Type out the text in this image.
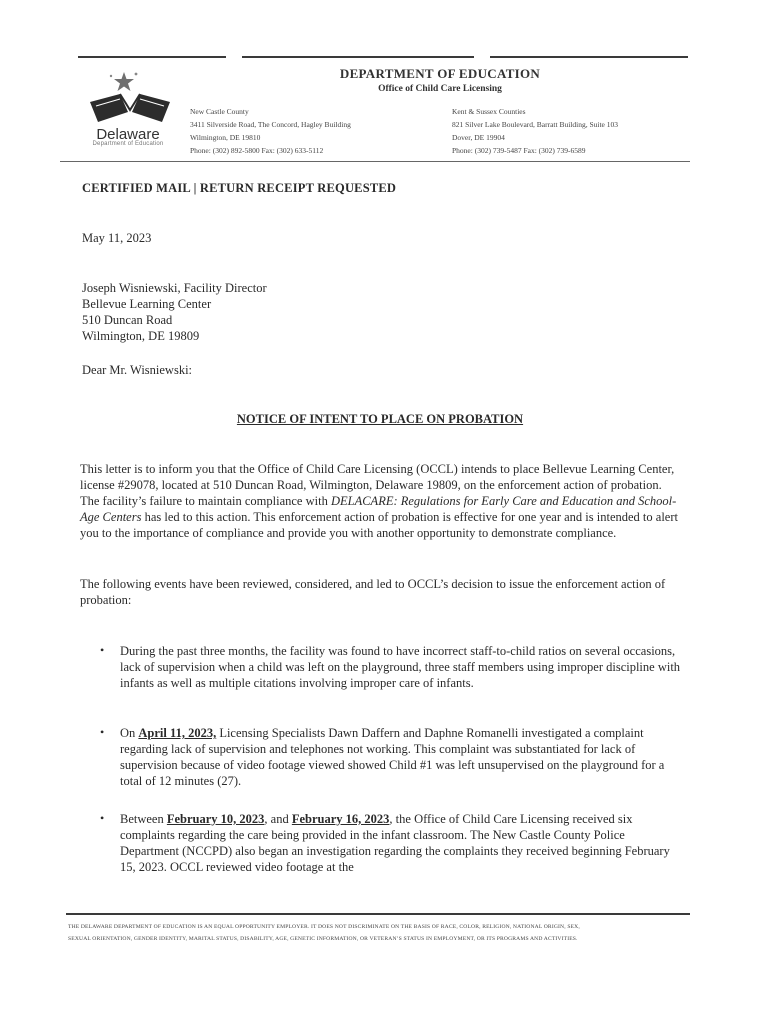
Delaware
Department of Education
DEPARTMENT OF EDUCATION
Office of Child Care Licensing
New Castle County
3411 Silverside Road, The Concord, Hagley Building
Wilmington, DE 19810
Phone: (302) 892-5800 Fax: (302) 633-5112
Kent & Sussex Counties
821 Silver Lake Boulevard, Barratt Building, Suite 103
Dover, DE 19904
Phone: (302) 739-5487 Fax: (302) 739-6589
CERTIFIED MAIL | RETURN RECEIPT REQUESTED
May 11, 2023
Joseph Wisniewski, Facility Director
Bellevue Learning Center
510 Duncan Road
Wilmington, DE 19809
Dear Mr. Wisniewski:
NOTICE OF INTENT TO PLACE ON PROBATION
This letter is to inform you that the Office of Child Care Licensing (OCCL) intends to place Bellevue Learning Center, license #29078, located at 510 Duncan Road, Wilmington, Delaware 19809, on the enforcement action of probation. The facility’s failure to maintain compliance with DELACARE: Regulations for Early Care and Education and School-Age Centers has led to this action. This enforcement action of probation is effective for one year and is intended to alert you to the importance of compliance and provide you with another opportunity to demonstrate compliance.
The following events have been reviewed, considered, and led to OCCL’s decision to issue the enforcement action of probation:
• During the past three months, the facility was found to have incorrect staff-to-child ratios on several occasions, lack of supervision when a child was left on the playground, three staff members using improper discipline with infants as well as multiple citations involving improper care of infants.
• On April 11, 2023, Licensing Specialists Dawn Daffern and Daphne Romanelli investigated a complaint regarding lack of supervision and telephones not working. This complaint was substantiated for lack of supervision because of video footage viewed showed Child #1 was left unsupervised on the playground for a total of 12 minutes (27).
• Between February 10, 2023, and February 16, 2023, the Office of Child Care Licensing received six complaints regarding the care being provided in the infant classroom. The New Castle County Police Department (NCCPD) also began an investigation regarding the complaints they received beginning February 15, 2023. OCCL reviewed video footage at the
THE DELAWARE DEPARTMENT OF EDUCATION IS AN EQUAL OPPORTUNITY EMPLOYER. IT DOES NOT DISCRIMINATE ON THE BASIS OF RACE, COLOR, RELIGION, NATIONAL ORIGIN, SEX,
SEXUAL ORIENTATION, GENDER IDENTITY, MARITAL STATUS, DISABILITY, AGE, GENETIC INFORMATION, OR VETERAN’S STATUS IN EMPLOYMENT, OR ITS PROGRAMS AND ACTIVITIES.
